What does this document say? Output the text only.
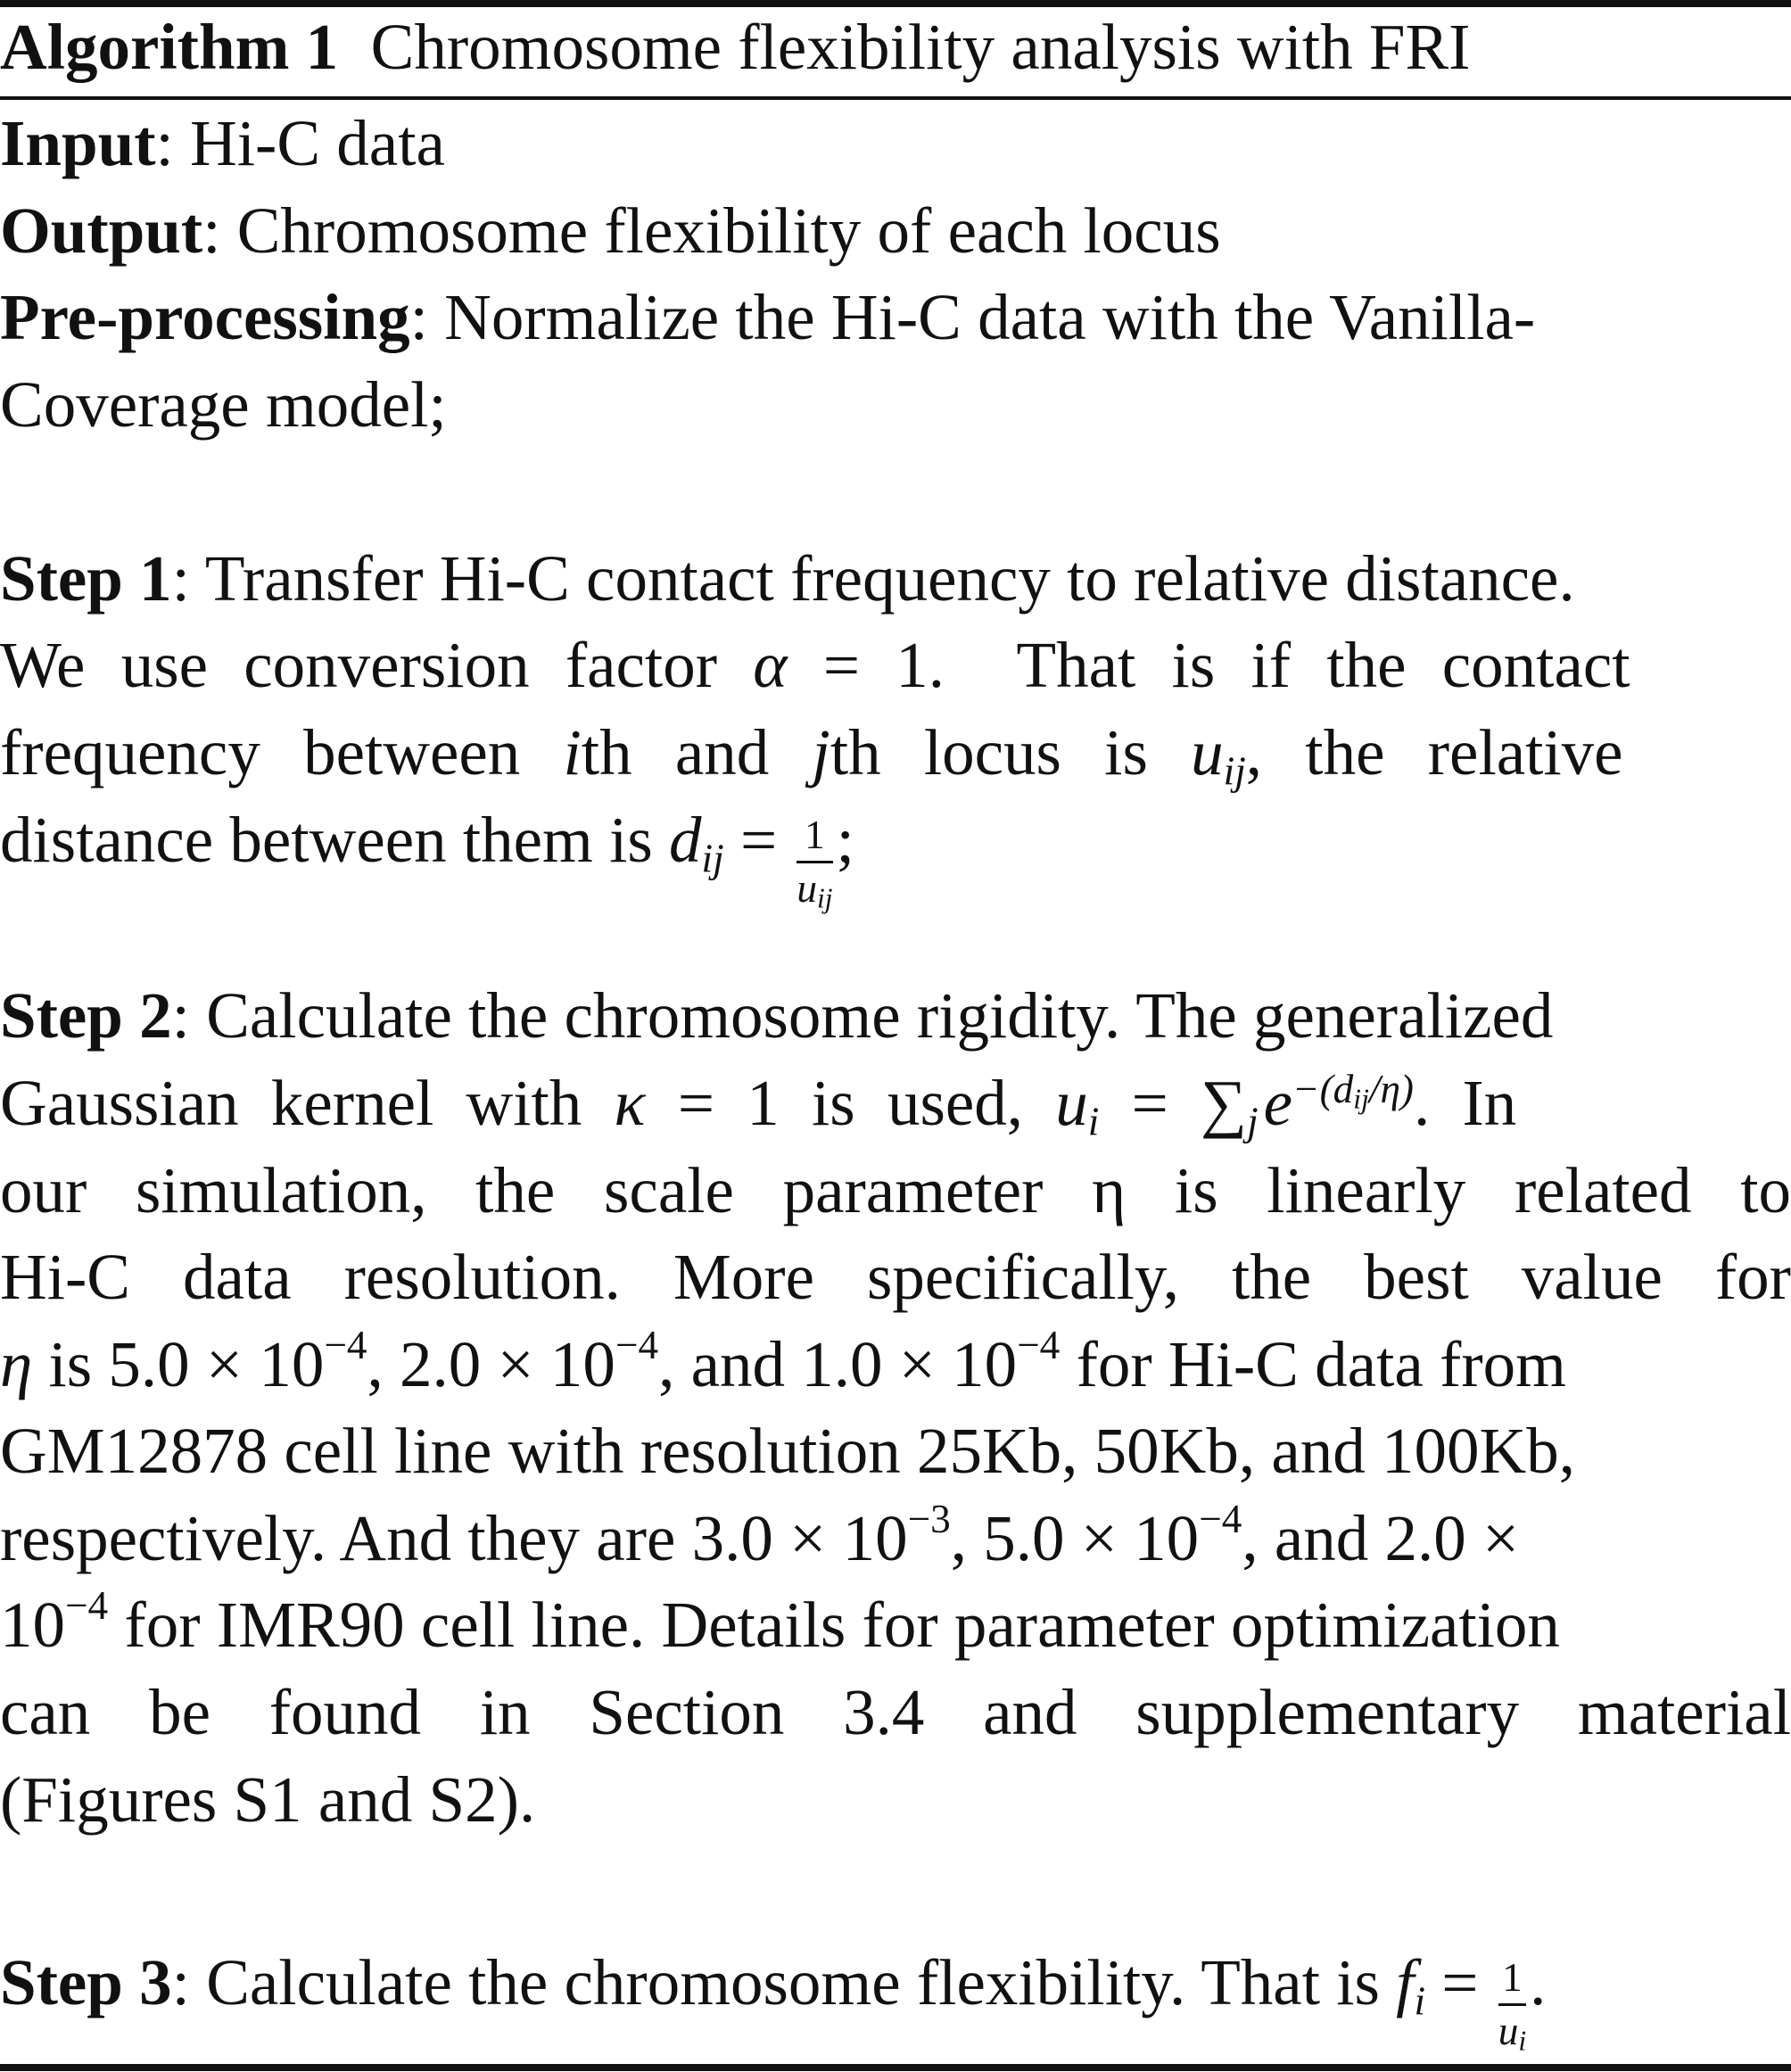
Algorithm 1 Chromosome flexibility analysis with FRI
Input: Hi-C data
Output: Chromosome flexibility of each locus
Pre-processing: Normalize the Hi-C data with the Vanilla-
Coverage model;
Step 1: Transfer Hi-C contact frequency to relative distance.
We use conversion factor α = 1. That is if the contact
frequency between ith and jth locus is $u_{ij}$, the relative
distance between them is $d_{ij} = \frac{1}{u_{ij}}$ ;
Step 2: Calculate the chromosome rigidity. The generalized
Gaussian kernel with κ = 1 is used, $u_i = \sum_je^{-(d_{ij}/\eta)}$. In
our simulation, the scale parameter η is linearly related to
Hi-C data resolution. More specifically, the best value for
η is $5.0 \times 10^{-4}$, $2.0 \times 10^{-4}$, and $1.0 \times 10^{-4}$ for Hi-C data from
GM12878 cell line with resolution 25Kb, 50Kb, and 100Kb,
respectively. And they are $3.0 \times 10^{-3}$, $5.0 \times 10^{-4}$, and 2.0 ×
$10^{-4}$ for IMR90 cell line. Details for parameter optimization
can be found in Section 3.4 and supplementary material
(Figures S1 and S2).
Step 3: Calculate the chromosome flexibility. That is $f_i = \frac{1}{u_i}$ .
